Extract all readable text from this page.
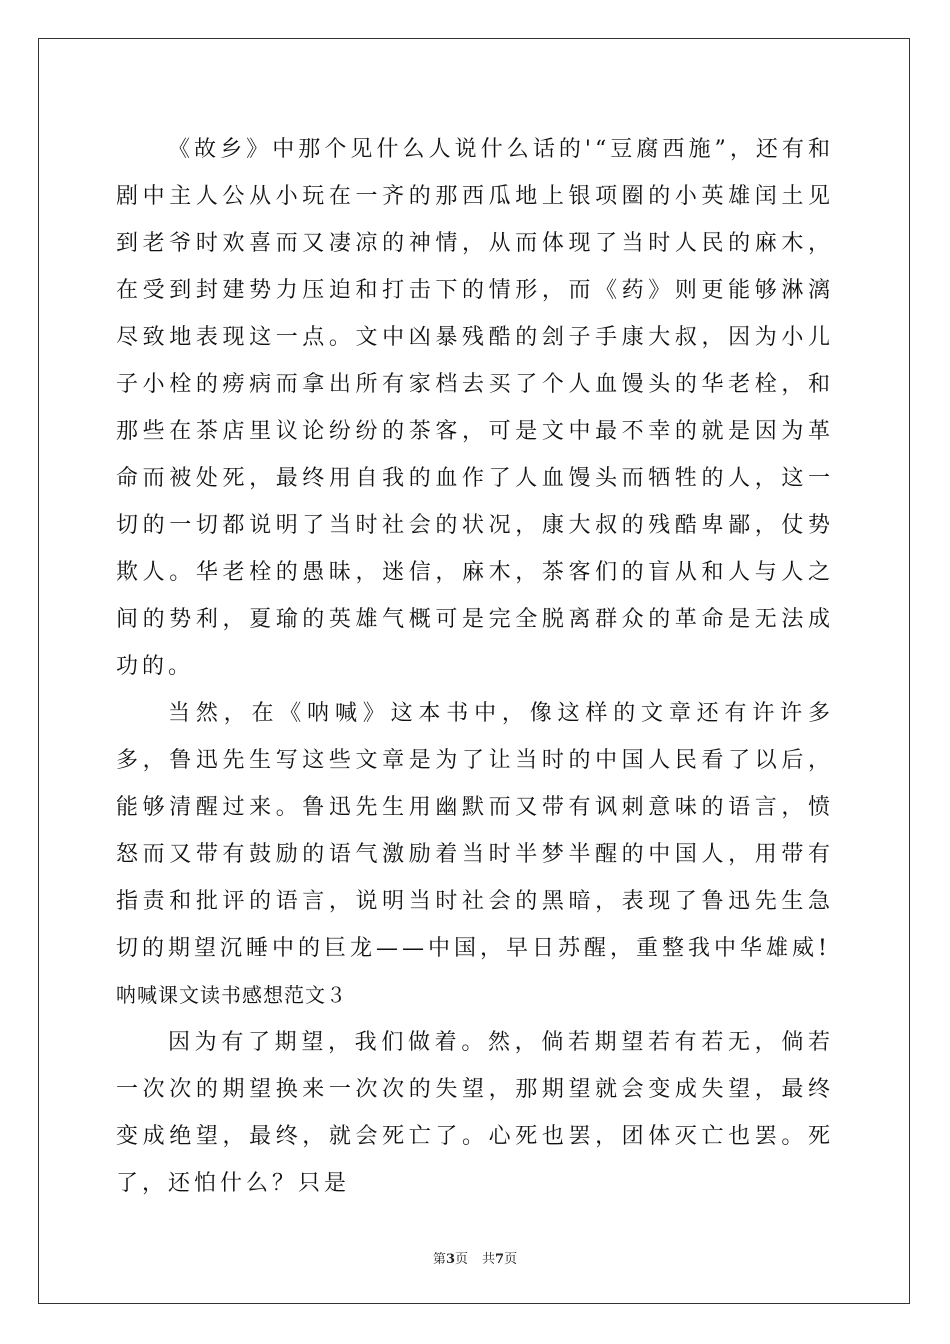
《故乡》中那个见什么人说什么话的'“豆腐西施”，还有和剧中主人公从小玩在一齐的那西瓜地上银项圈的小英雄闰土见到老爷时欢喜而又凄凉的神情，从而体现了当时人民的麻木，在受到封建势力压迫和打击下的情形，而《药》则更能够淋漓尽致地表现这一点。文中凶暴残酷的刽子手康大叔，因为小儿子小栓的痨病而拿出所有家档去买了个人血馒头的华老栓，和那些在茶店里议论纷纷的茶客，可是文中最不幸的就是因为革命而被处死，最终用自我的血作了人血馒头而牺牲的人，这一切的一切都说明了当时社会的状况，康大叔的残酷卑鄙，仗势欺人。华老栓的愚昧，迷信，麻木，茶客们的盲从和人与人之间的势利，夏瑜的英雄气概可是完全脱离群众的革命是无法成功的。

当然，在《呐喊》这本书中，像这样的文章还有许许多多，鲁迅先生写这些文章是为了让当时的中国人民看了以后，能够清醒过来。鲁迅先生用幽默而又带有讽刺意味的语言，愤怒而又带有鼓励的语气激励着当时半梦半醒的中国人，用带有指责和批评的语言，说明当时社会的黑暗，表现了鲁迅先生急切的期望沉睡中的巨龙——中国，早日苏醒，重整我中华雄威!

呐喊课文读书感想范文３

因为有了期望，我们做着。然，倘若期望若有若无，倘若一次次的期望换来一次次的失望，那期望就会变成失望，最终变成绝望，最终，就会死亡了。心死也罢，团体灭亡也罢。死了，还怕什么？只是

第3页 共7页
